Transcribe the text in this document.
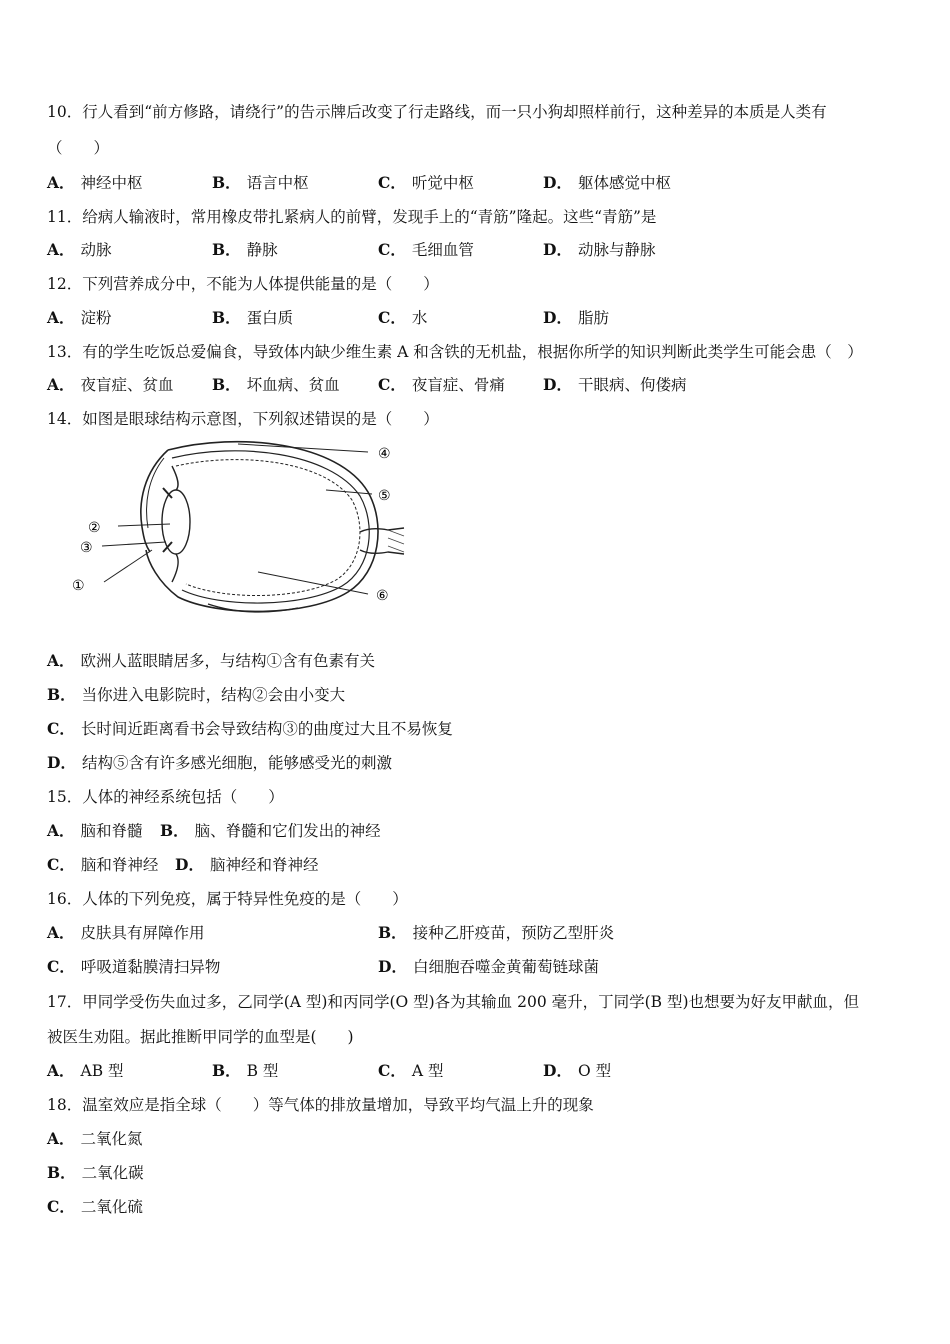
10．行人看到“前方修路，请绕行”的告示牌后改变了行走路线，而一只小狗却照样前行，这种差异的本质是人类有
（　　）
A． 神经中枢	B． 语言中枢	C． 听觉中枢	D． 躯体感觉中枢
11．给病人输液时，常用橡皮带扎紧病人的前臂，发现手上的“青筋”隆起。这些“青筋”是
A． 动脉	B． 静脉	C． 毛细血管	D． 动脉与静脉
12．下列营养成分中，不能为人体提供能量的是（　　）
A． 淀粉	B． 蛋白质	C． 水	D． 脂肪
13．有的学生吃饭总爱偏食，导致体内缺少维生素 A 和含铁的无机盐，根据你所学的知识判断此类学生可能会患（　）
A． 夜盲症、贫血 B． 坏血病、贫血 C． 夜盲症、骨痛 D． 干眼病、佝偻病
14．如图是眼球结构示意图，下列叙述错误的是（　　）
④
⑤
②
③
①
⑥
A． 欧洲人蓝眼睛居多，与结构①含有色素有关
B． 当你进入电影院时，结构②会由小变大
C． 长时间近距离看书会导致结构③的曲度过大且不易恢复
D． 结构⑤含有许多感光细胞，能够感受光的刺激
15．人体的神经系统包括（　　）
A． 脑和脊髓 B． 脑、脊髓和它们发出的神经
C． 脑和脊神经 D． 脑神经和脊神经
16．人体的下列免疫，属于特异性免疫的是（　　）
A． 皮肤具有屏障作用	B． 接种乙肝疫苗，预防乙型肝炎
C． 呼吸道黏膜清扫异物	D． 白细胞吞噬金黄葡萄链球菌
17．甲同学受伤失血过多，乙同学(A 型)和丙同学(O 型)各为其输血 200 毫升，丁同学(B 型)也想要为好友甲献血，但
被医生劝阻。据此推断甲同学的血型是(　　)
A． AB 型	B． B 型	C． A 型	D． O 型
18．温室效应是指全球（　　）等气体的排放量增加，导致平均气温上升的现象
A． 二氧化氮
B． 二氧化碳
C． 二氧化硫
